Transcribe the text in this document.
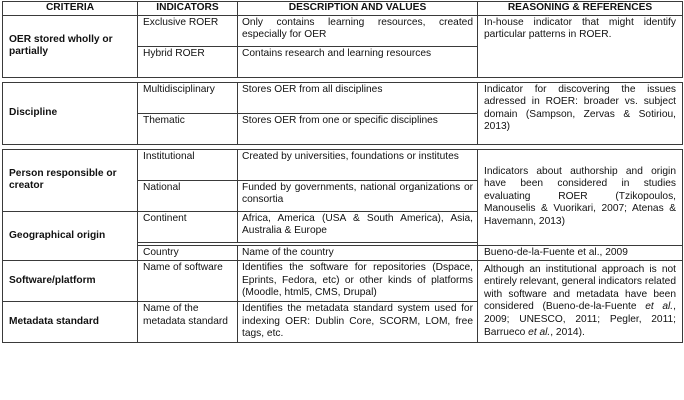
CRITERIA	INDICATORS	DESCRIPTION AND VALUES	REASONING & REFERENCES
OER stored wholly or partially	Exclusive ROER	Only contains learning resources, created especially for OER	In-house indicator that might identify particular patterns in ROER.
	Hybrid ROER	Contains research and learning resources	

Discipline	Multidisciplinary	Stores OER from all disciplines	Indicator for discovering the issues adressed in ROER: broader vs. subject domain (Sampson, Zervas & Sotiriou, 2013)
	Thematic	Stores OER from one or specific disciplines	

Person responsible or creator	Institutional	Created by universities, foundations or institutes	Indicators about authorship and origin have been considered in studies evaluating ROER (Tzikopoulos, Manouselis & Vuorikari, 2007; Atenas & Havemann, 2013)
	National	Funded by governments, national organizations or consortia	
Geographical origin	Continent	Africa, America (USA & South America), Asia, Australia & Europe	

	Country	Name of the country	Bueno-de-la-Fuente et al., 2009
Software/platform	Name of software	Identifies the software for repositories (Dspace, Eprints, Fedora, etc) or other kinds of platforms (Moodle, html5, CMS, Drupal)	Although an institutional approach is not entirely relevant, general indicators related with software and metadata have been considered (Bueno-de-la-Fuente et al., 2009; UNESCO, 2011; Pegler, 2011; Barrueco et al., 2014).
Metadata standard	Name of the metadata standard	Identifies the metadata standard system used for indexing OER: Dublin Core, SCORM, LOM, free tags, etc.	
